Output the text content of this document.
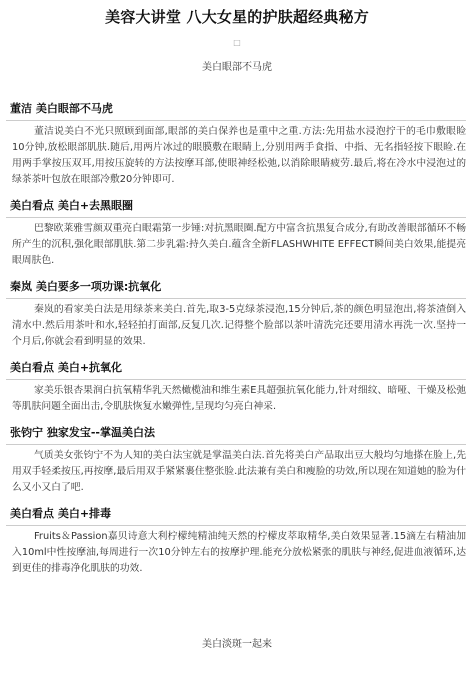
美容大讲堂 八大女星的护肤超经典秘方
□
美白眼部不马虎
董洁 美白眼部不马虎
董洁说美白不光只照顾到面部,眼部的美白保养也是重中之重.方法:先用盐水浸泡拧干的毛巾敷眼睑10分钟,放松眼部肌肤.随后,用两片冰过的眼膜敷在眼睛上,分别用两手食指、中指、无名指轻按下眼睑.在用两手掌按压双耳,用按压旋转的方法按摩耳部,使眼神经松弛,以消除眼睛疲劳.最后,将在冷水中浸泡过的绿茶茶叶包放在眼部冷敷20分钟即可.
美白看点 美白+去黑眼圈
巴黎欧莱雅雪颜双重亮白眼霜第一步锤:对抗黑眼圈.配方中富含抗黑复合成分,有助改善眼部循环不畅所产生的沉积,强化眼部肌肤.第二步乳霜:持久美白.蕴含全新FLASHWHITE EFFECT瞬间美白效果,能提亮眼周肤色.
秦岚 美白要多一项功课:抗氧化
秦岚的看家美白法是用绿茶来美白.首先,取3-5克绿茶浸泡,15分钟后,茶的颜色明显泡出,将茶渣倒入清水中.然后用茶叶和水,轻轻拍打面部,反复几次.记得整个脸部以茶叶清洗完还要用清水再洗一次.坚持一个月后,你就会看到明显的效果.
美白看点 美白+抗氧化
家美乐银杏果润白抗氧精华乳天然橄榄油和维生素E具超强抗氧化能力,针对细纹、暗哑、干燥及松弛等肌肤问题全面出击,令肌肤恢复水嫩弹性,呈现均匀亮白神采.
张钧宁 独家发宝--掌温美白法
气质美女张钧宁不为人知的美白法宝就是掌温美白法.首先将美白产品取出豆大般均匀地搽在脸上,先用双手轻柔按压,再按摩,最后用双手紧紧裹住整张脸.此法兼有美白和瘦脸的功效,所以现在知道她的脸为什么又小又白了吧.
美白看点 美白+排毒
Fruits＆Passion嘉贝诗意大利柠檬纯精油纯天然的柠檬皮萃取精华,美白效果显著.15滴左右精油加入10ml中性按摩油,每周进行一次10分钟左右的按摩护理.能充分放松紧张的肌肤与神经,促进血液循环,达到更佳的排毒净化肌肤的功效.
美白淡斑一起来
